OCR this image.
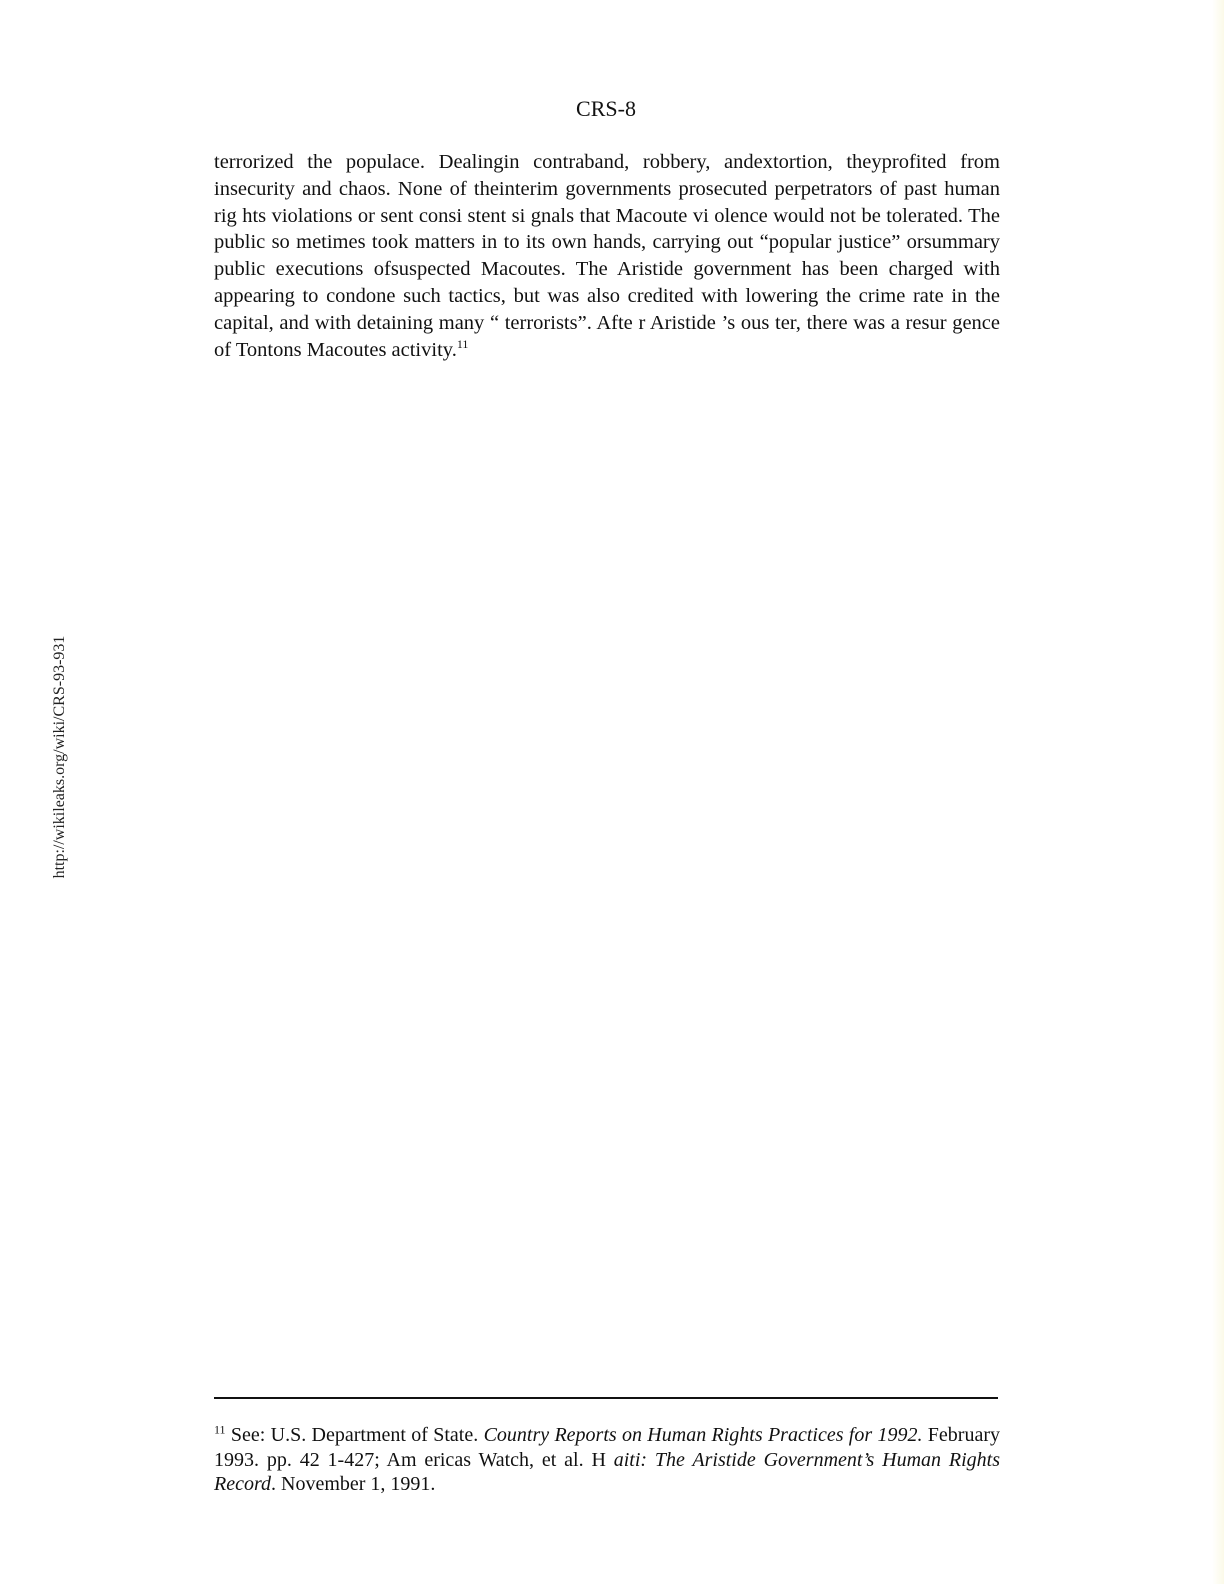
CRS-8

terrorized the populace. Dealingin contraband, robbery, andextortion, theyprofited from insecurity and chaos. None of theinterim governments prosecuted perpetrators of past human rig hts violations or sent consi stent si gnals that Macoute vi olence would not be tolerated. The public so metimes took matters in to its own hands, carrying out “popular justice” orsummary public executions ofsuspected Macoutes. The Aristide government has been charged with appearing to condone such tactics, but was also credited with lowering the crime rate in the capital, and with detaining many “ terrorists”. Afte r Aristide ’s ous ter, there was a resur gence of Tontons Macoutes activity.$^{11}$

http://wikileaks.org/wiki/CRS-93-931

$^{11}$ See: U.S. Department of State. Country Reports on Human Rights Practices for 1992. February 1993. pp. 42 1-427; Am ericas Watch, et al. H aiti: The Aristide Government’s Human Rights Record. November 1, 1991.
